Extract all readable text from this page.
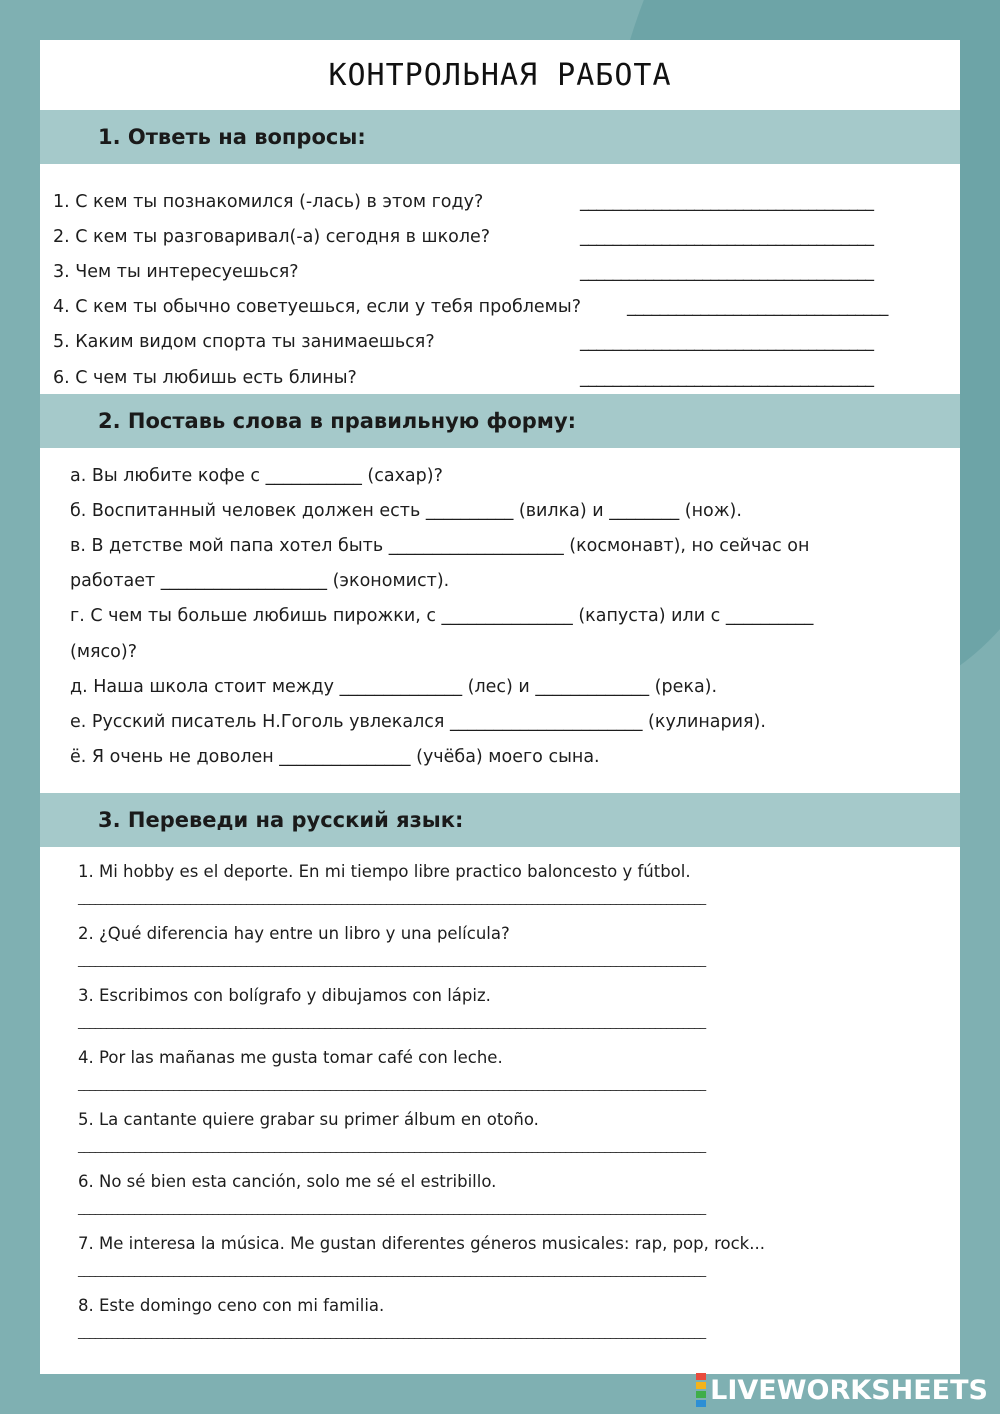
КОНТРОЛЬНАЯ РАБОТА
1. Ответь на вопросы:
1. С кем ты познакомился (-лась) в этом году?	____________________________________
2. С кем ты разговаривал(-а) сегодня в школе?	____________________________________
3. Чем ты интересуешься?	____________________________________
4. С кем ты обычно советуешься, если у тебя проблемы?	________________________________
5. Каким видом спорта ты занимаешься?	____________________________________
6. С чем ты любишь есть блины?	____________________________________
2. Поставь слова в правильную форму:
а. Вы любите кофе с ___________ (сахар)?
б. Воспитанный человек должен есть __________ (вилка) и ________ (нож).
в. В детстве мой папа хотел быть ____________________ (космонавт), но сейчас он
работает ___________________ (экономист).
г. С чем ты больше любишь пирожки, с _______________ (капуста) или с __________
(мясо)?
д. Наша школа стоит между ______________ (лес) и _____________ (река).
е. Русский писатель Н.Гоголь увлекался ______________________ (кулинария).
ё. Я очень не доволен _______________ (учёба) моего сына.
3. Переведи на русский язык:
1. Mi hobby es el deporte. En mi tiempo libre practico baloncesto y fútbol.
________________________________________________________________________________________________________________
2. ¿Qué diferencia hay entre un libro y una película?
________________________________________________________________________________________________________________
3. Escribimos con bolígrafo y dibujamos con lápiz.
________________________________________________________________________________________________________________
4. Por las mañanas me gusta tomar café con leche.
________________________________________________________________________________________________________________
5. La cantante quiere grabar su primer álbum en otoño.
________________________________________________________________________________________________________________
6. No sé bien esta canción, solo me sé el estribillo.
________________________________________________________________________________________________________________
7. Me interesa la música. Me gustan diferentes géneros musicales: rap, pop, rock...
________________________________________________________________________________________________________________
8. Este domingo ceno con mi familia.
________________________________________________________________________________________________________________
LIVEWORKSHEETS
